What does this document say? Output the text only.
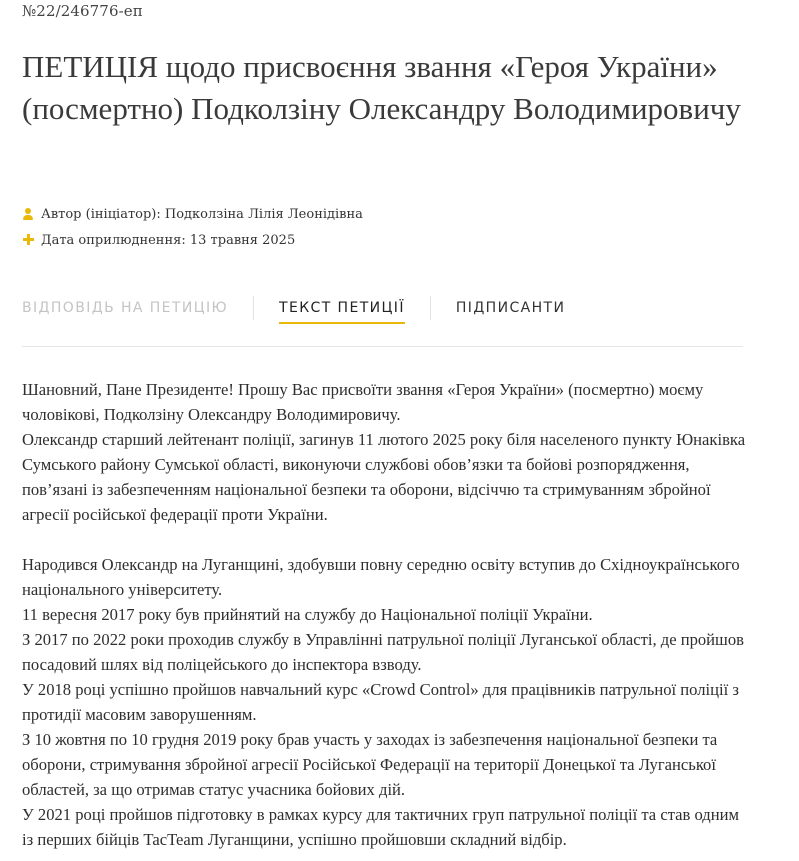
№22/246776-еп
ПЕТИЦІЯ щодо присвоєння звання «Героя України» (посмертно) Подколзіну Олександру Володимировичу
Автор (ініціатор):
Подколзіна Лілія Леонідівна
Дата оприлюднення:
13 травня 2025
ВІДПОВІДЬ НА ПЕТИЦІЮ	ТЕКСТ ПЕТИЦІЇ	ПІДПИСАНТИ

Шановний, Пане Президенте! Прошу Вас присвоїти звання «Героя України» (посмертно) моєму чоловікові, Подколзіну Олександру Володимировичу.

Олександр старший лейтенант поліції, загинув 11 лютого 2025 року біля населеного пункту Юнаківка Сумського району Сумської області, виконуючи службові обов’язки та бойові розпорядження, пов’язані із забезпеченням національної безпеки та оборони, відсіччю та стримуванням збройної агресії російської федерації проти України.

Народився Олександр на Луганщині, здобувши повну середню освіту вступив до Східноукраїнського національного університету.

11 вересня 2017 року був прийнятий на службу до Національної поліції України.

З 2017 по 2022 роки проходив службу в Управлінні патрульної поліції Луганської області, де пройшов посадовий шлях від поліцейського до інспектора взводу.

У 2018 році успішно пройшов навчальний курс «Crowd Control» для працівників патрульної поліції з протидії масовим заворушенням.

З 10 жовтня по 10 грудня 2019 року брав участь у заходах із забезпечення національної безпеки та оборони, стримування збройної агресії Російської Федерації на території Донецької та Луганської областей, за що отримав статус учасника бойових дій.

У 2021 році пройшов підготовку в рамках курсу для тактичних груп патрульної поліції та став одним із перших бійців TacTeam Луганщини, успішно пройшовши складний відбір.
